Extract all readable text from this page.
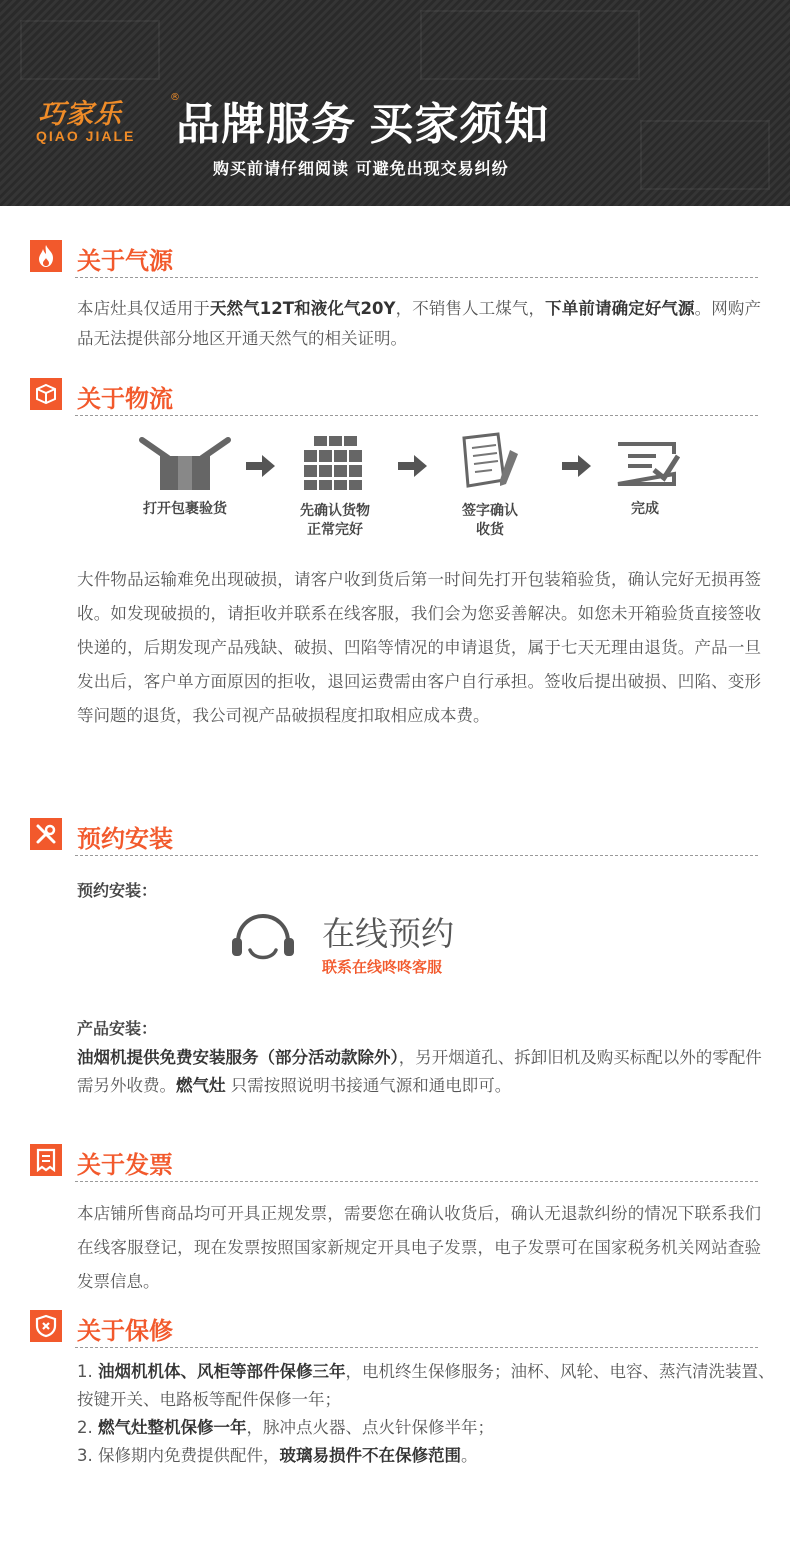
巧家乐
®
QIAO JIALE 品牌服务 买家须知
购买前请仔细阅读 可避免出现交易纠纷
关于气源
本店灶具仅适用于天然气12T和液化气20Y，不销售人工煤气，下单前请确定好气源。网购产品无法提供部分地区开通天然气的相关证明。
关于物流
打开包裹验货	先确认货物
正常完好
签字确认
收货
完成
大件物品运输难免出现破损，请客户收到货后第一时间先打开包装箱验货，确认完好无损再签收。如发现破损的，请拒收并联系在线客服，我们会为您妥善解决。如您未开箱验货直接签收快递的，后期发现产品残缺、破损、凹陷等情况的申请退货，属于七天无理由退货。产品一旦发出后，客户单方面原因的拒收，退回运费需由客户自行承担。签收后提出破损、凹陷、变形等问题的退货，我公司视产品破损程度扣取相应成本费。
预约安装
预约安装：
在线预约
联系在线咚咚客服
产品安装：
油烟机提供免费安装服务（部分活动款除外），另开烟道孔、拆卸旧机及购买标配以外的零配件需另外收费。燃气灶 只需按照说明书接通气源和通电即可。
关于发票
本店铺所售商品均可开具正规发票，需要您在确认收货后，确认无退款纠纷的情况下联系我们在线客服登记，现在发票按照国家新规定开具电子发票，电子发票可在国家税务机关网站查验发票信息。
关于保修
1. 油烟机机体、风柜等部件保修三年，电机终生保修服务；油杯、风轮、电容、蒸汽清洗装置、按键开关、电路板等配件保修一年；
2. 燃气灶整机保修一年，脉冲点火器、点火针保修半年；
3. 保修期内免费提供配件，玻璃易损件不在保修范围。
